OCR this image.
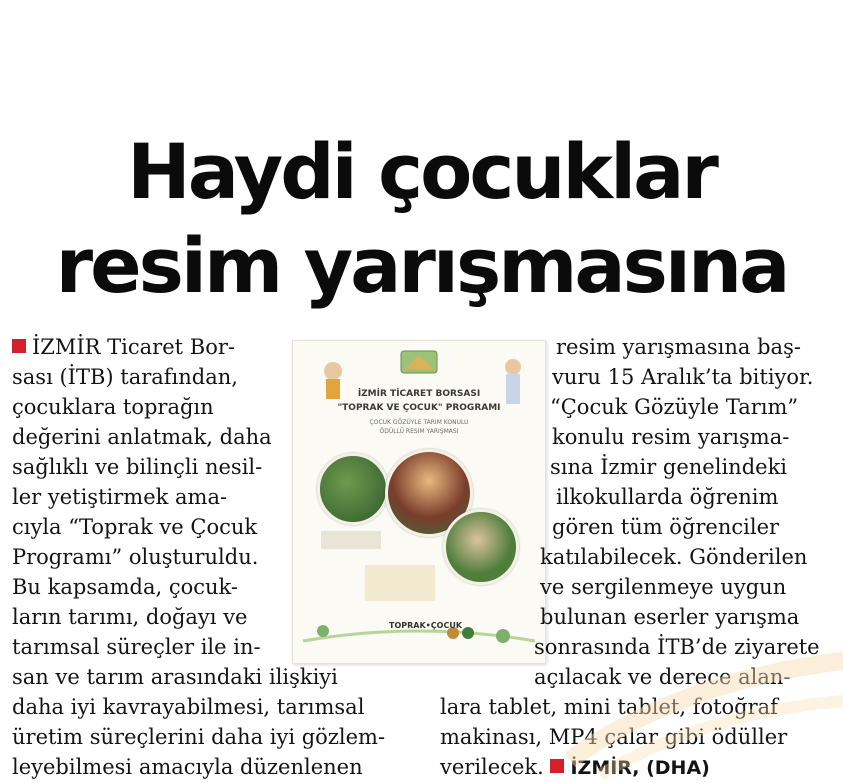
Haydi çocuklar
resim yarışmasına
İZMİR Ticaret Bor-
sası (İTB) tarafından,
çocuklara toprağın
değerini anlatmak, daha
sağlıklı ve bilinçli nesil-
ler yetiştirmek ama-
cıyla “Toprak ve Çocuk
Programı” oluşturuldu.
Bu kapsamda, çocuk-
ların tarımı, doğayı ve
tarımsal süreçler ile in-
san ve tarım arasındaki ilişkiyi
daha iyi kavrayabilmesi, tarımsal
üretim süreçlerini daha iyi gözlem-
leyebilmesi amacıyla düzenlenen
İZMİR TİCARET BORSASI
"TOPRAK VE ÇOCUK" PROGRAMI
ÇOCUK GÖZÜYLE TARIM KONULU
ÖDÜLLÜ RESİM YARIŞMASI
TOPRAK•ÇOCUK
resim yarışmasına baş-
vuru 15 Aralık’ta bitiyor.
“Çocuk Gözüyle Tarım”
konulu resim yarışma-
sına İzmir genelindeki
ilkokullarda öğrenim
gören tüm öğrenciler
katılabilecek. Gönderilen
ve sergilenmeye uygun
bulunan eserler yarışma
sonrasında İTB’de ziyarete
açılacak ve derece alan-
lara tablet, mini tablet, fotoğraf
makinası, MP4 çalar gibi ödüller
verilecek. İZMİR, (DHA)
